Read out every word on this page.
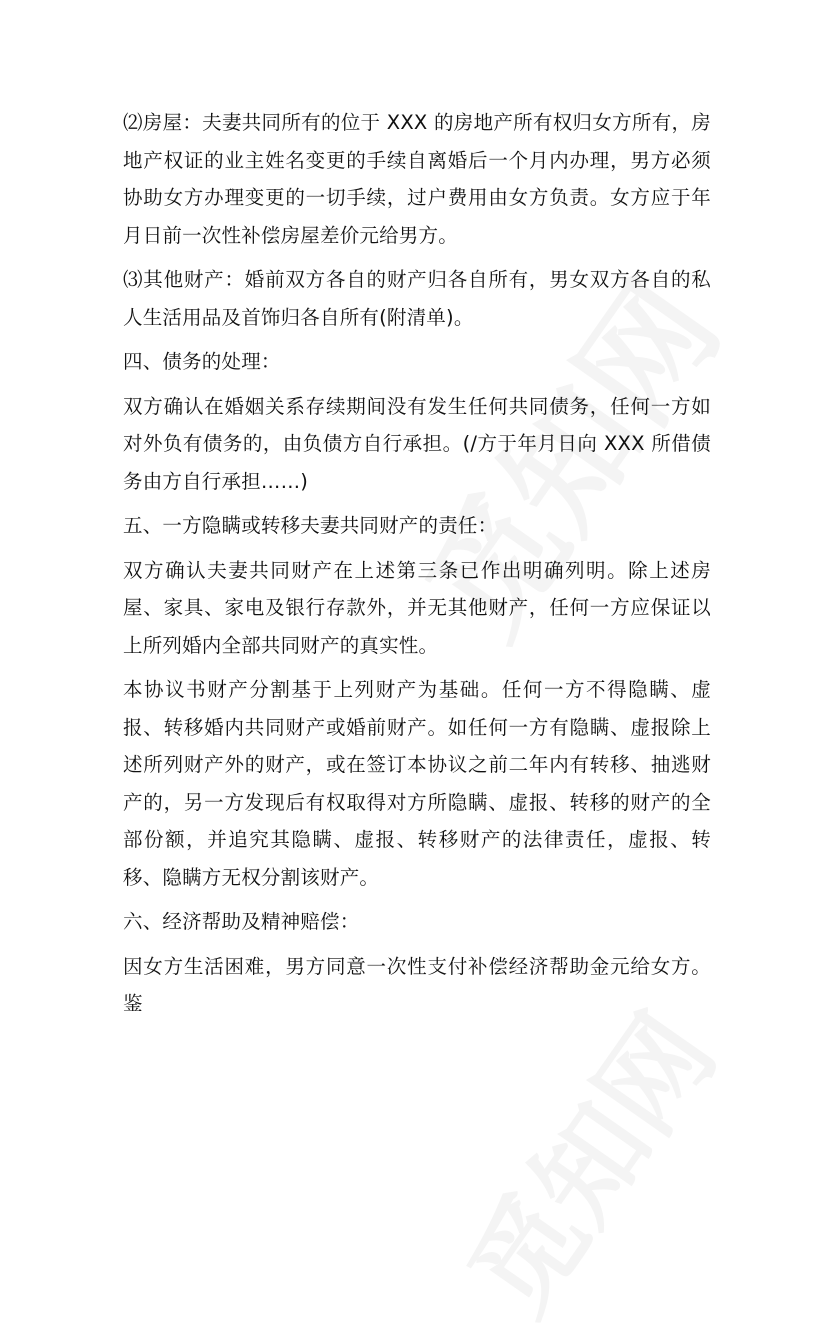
⑵房屋：夫妻共同所有的位于 XXX 的房地产所有权归女方所有，房地产权证的业主姓名变更的手续自离婚后一个月内办理，男方必须协助女方办理变更的一切手续，过户费用由女方负责。女方应于年月日前一次性补偿房屋差价元给男方。

⑶其他财产：婚前双方各自的财产归各自所有，男女双方各自的私人生活用品及首饰归各自所有(附清单)。

四、债务的处理：

双方确认在婚姻关系存续期间没有发生任何共同债务，任何一方如对外负有债务的，由负债方自行承担。(/方于年月日向 XXX 所借债务由方自行承担……)

五、一方隐瞒或转移夫妻共同财产的责任：

双方确认夫妻共同财产在上述第三条已作出明确列明。除上述房屋、家具、家电及银行存款外，并无其他财产，任何一方应保证以上所列婚内全部共同财产的真实性。

本协议书财产分割基于上列财产为基础。任何一方不得隐瞒、虚报、转移婚内共同财产或婚前财产。如任何一方有隐瞒、虚报除上述所列财产外的财产，或在签订本协议之前二年内有转移、抽逃财产的，另一方发现后有权取得对方所隐瞒、虚报、转移的财产的全部份额，并追究其隐瞒、虚报、转移财产的法律责任，虚报、转移、隐瞒方无权分割该财产。

六、经济帮助及精神赔偿：

因女方生活困难，男方同意一次性支付补偿经济帮助金元给女方。鉴
